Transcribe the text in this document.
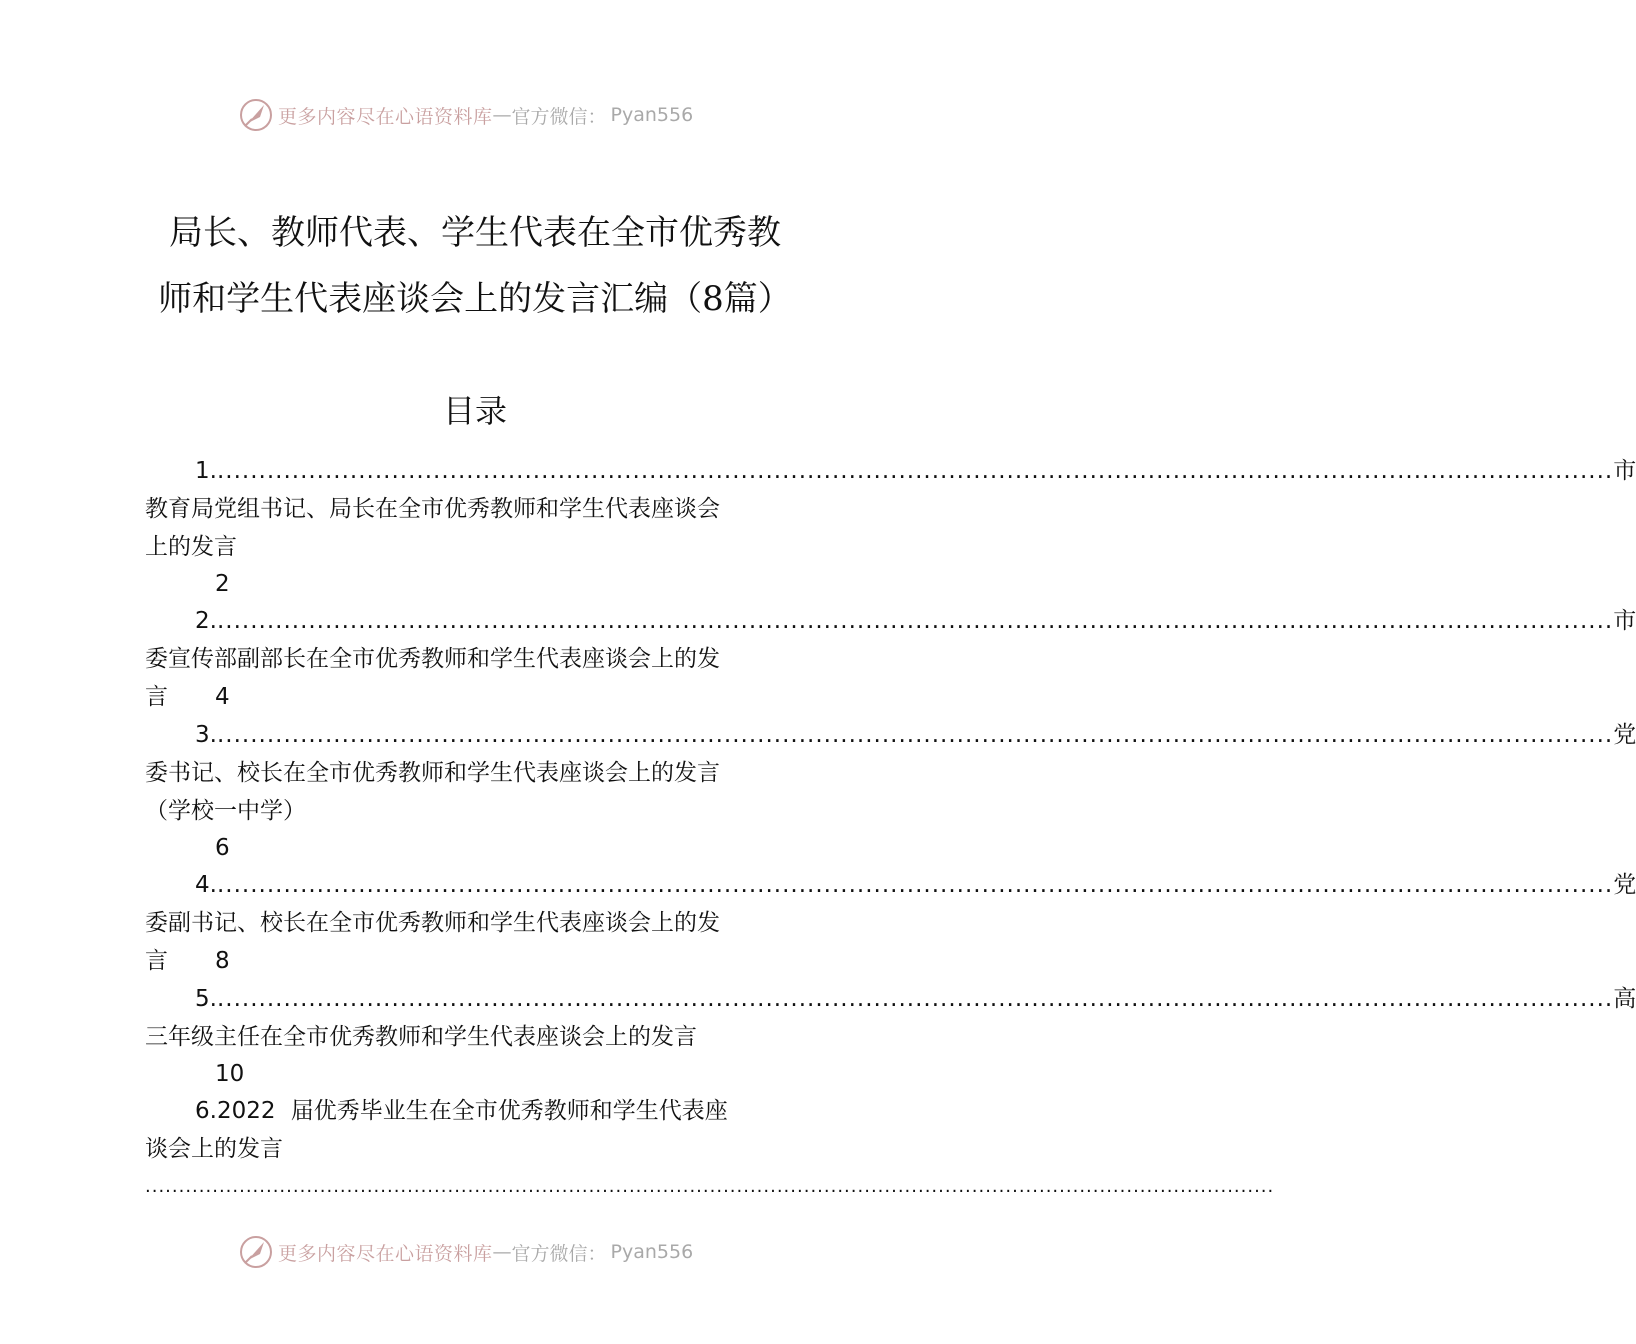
更多内容尽在心语资料库 — 官方微信： Pyan556
局长、教师代表、学生代表在全市优秀教
师和学生代表座谈会上的发言汇编（8篇）
目录
1. ........................................................................................................................................................................ 市
教育局党组书记、局长在全市优秀教师和学生代表座谈会
上的发言
2
2. ........................................................................................................................................................................ 市
委宣传部副部长在全市优秀教师和学生代表座谈会上的发
言 4
3. ........................................................................................................................................................................ 党
委书记、校长在全市优秀教师和学生代表座谈会上的发言
（学校一中学）
6
4. ........................................................................................................................................................................ 党
委副书记、校长在全市优秀教师和学生代表座谈会上的发
言 8
5. ........................................................................................................................................................................ 高
三年级主任在全市优秀教师和学生代表座谈会上的发言
10
6.2022 届优秀毕业生在全市优秀教师和学生代表座
谈会上的发言
........................................................................................................................................................................
更多内容尽在心语资料库 — 官方微信： Pyan556
